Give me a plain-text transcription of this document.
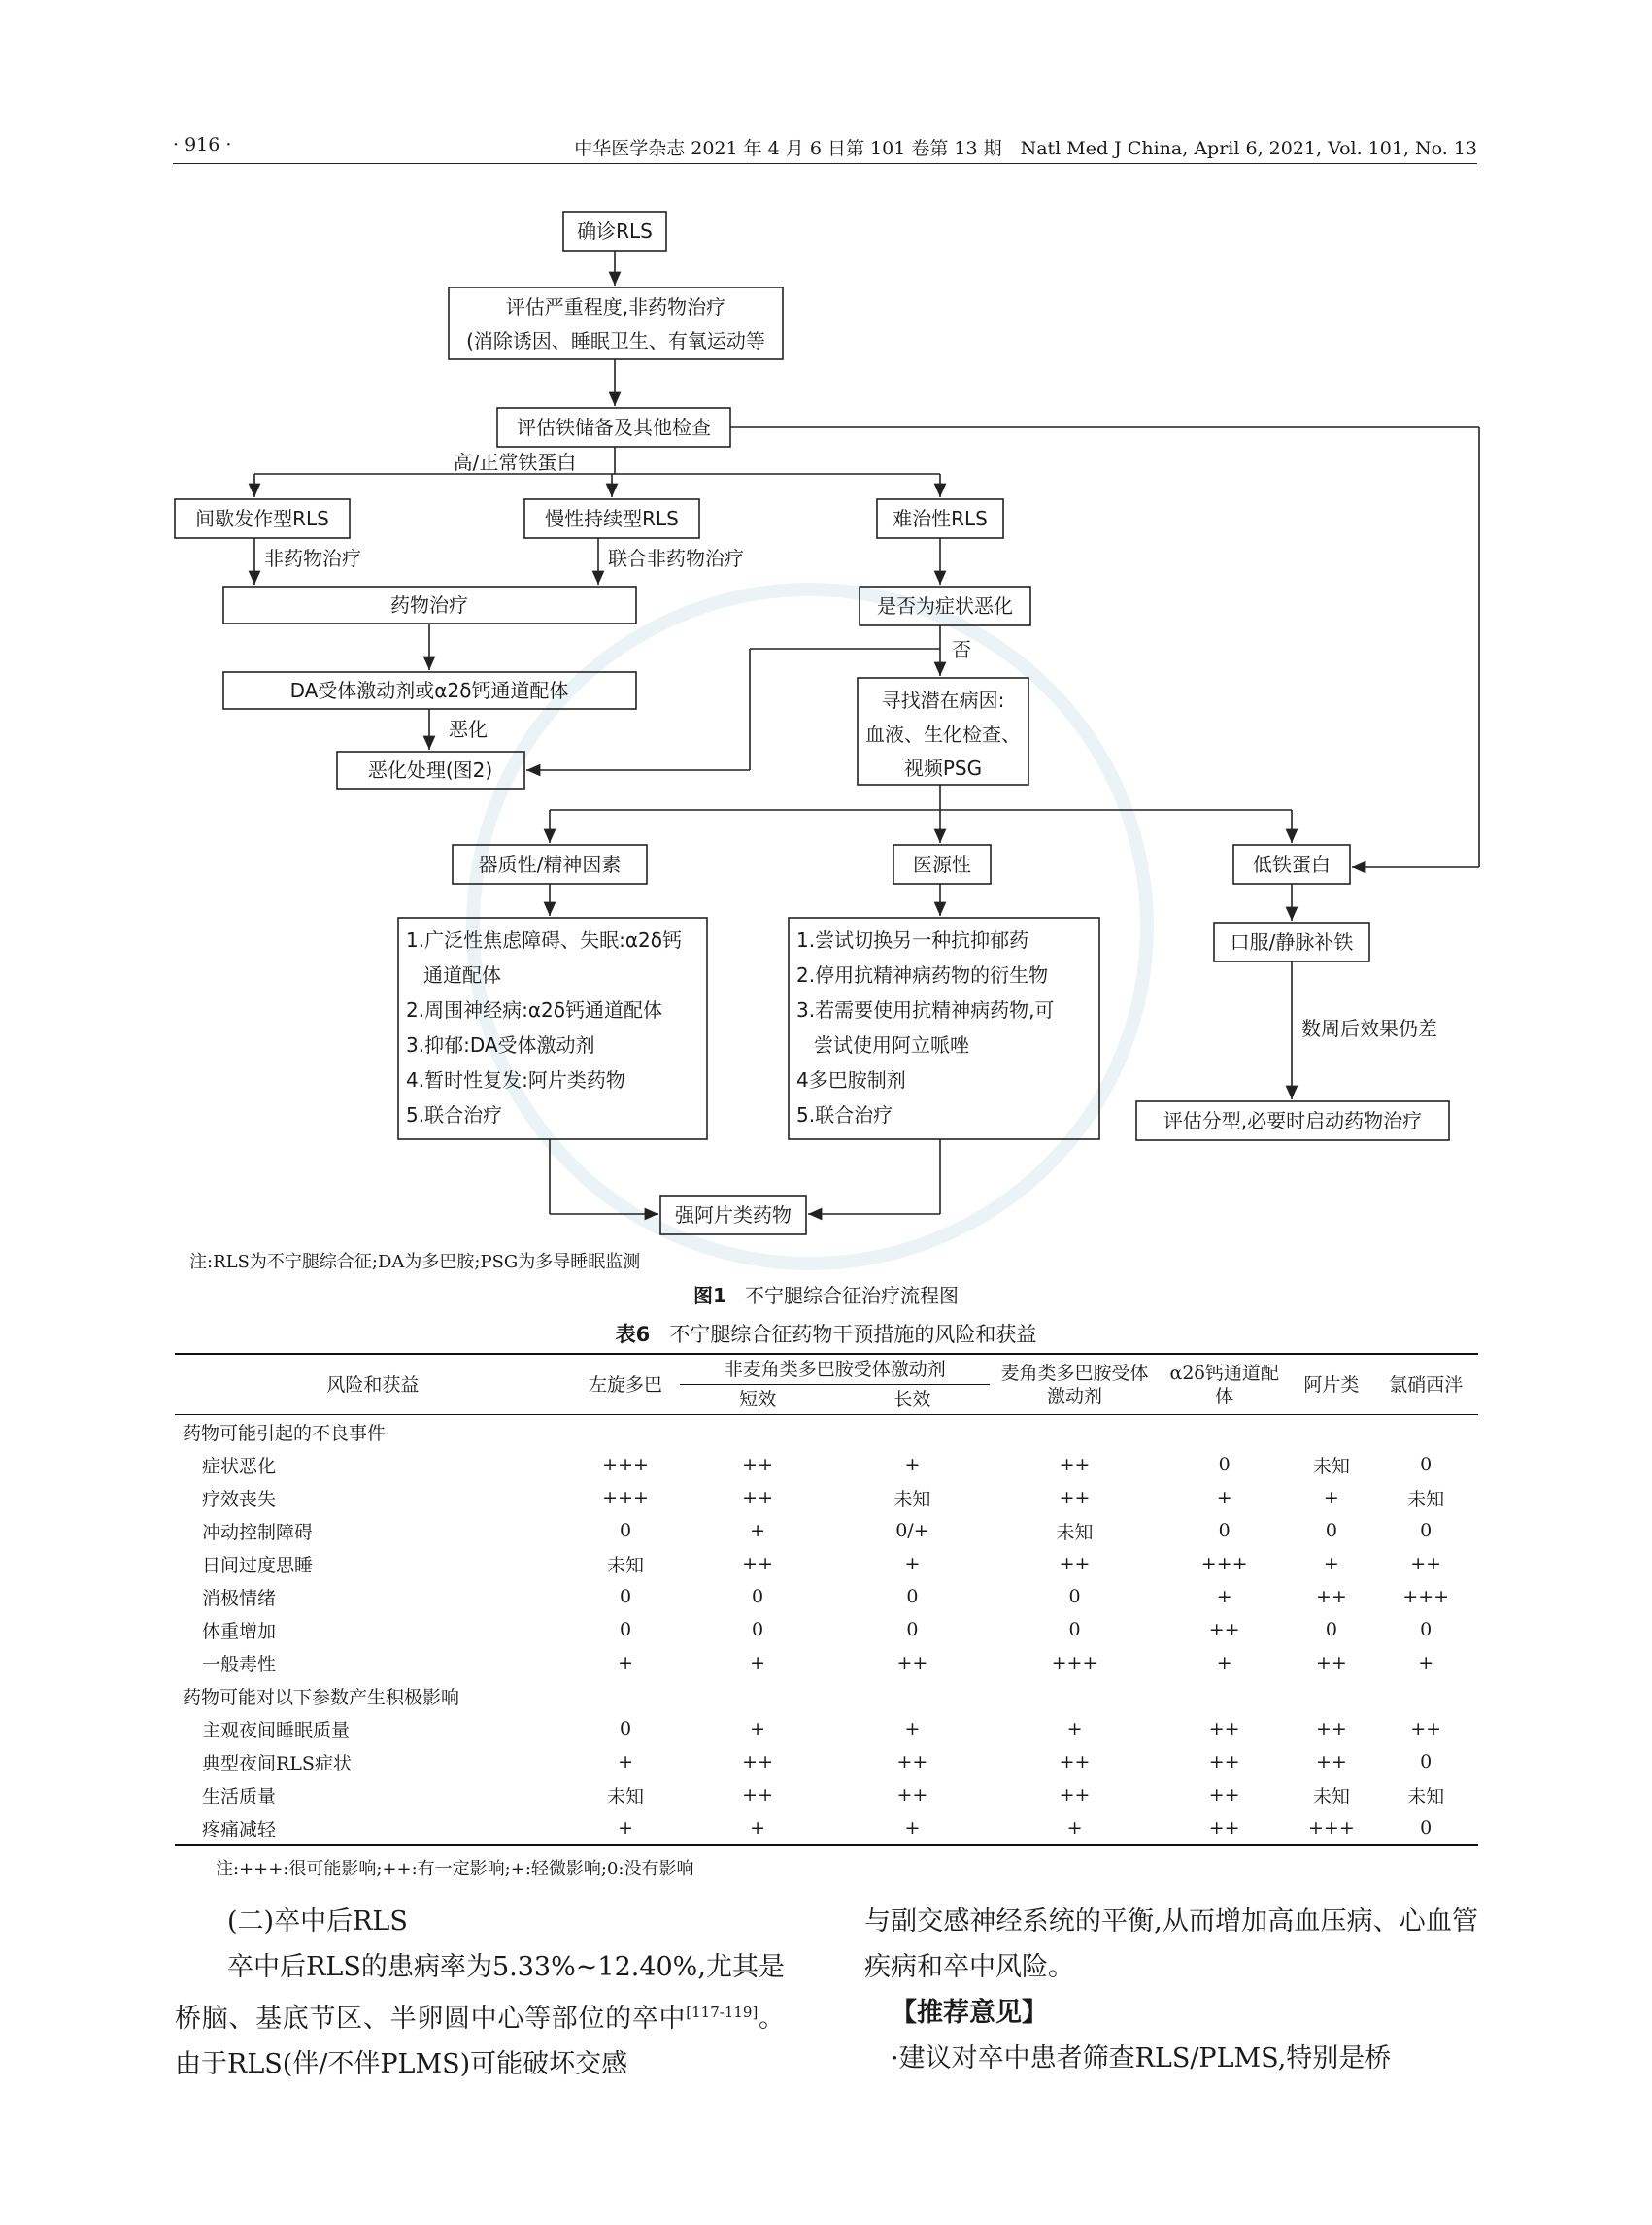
· 916 ·	中华医学杂志 2021 年 4 月 6 日第 101 卷第 13 期　Natl Med J China, April 6, 2021, Vol. 101, No. 13
确诊RLS
评估严重程度,非药物治疗
(消除诱因、睡眠卫生、有氧运动等
评估铁储备及其他检查
高/正常铁蛋白
间歇发作型RLS	慢性持续型RLS	难治性RLS
非药物治疗	联合非药物治疗
药物治疗	是否为症状恶化
否
DA受体激动剂或α2δ钙通道配体
恶化
恶化处理(图2)
寻找潜在病因:
血液、生化检查、
视频PSG
器质性/精神因素	医源性	低铁蛋白
1.广泛性焦虑障碍、失眠:α2δ钙
通道配体
2.周围神经病:α2δ钙通道配体
3.抑郁:DA受体激动剂
4.暂时性复发:阿片类药物
5.联合治疗
1.尝试切换另一种抗抑郁药
2.停用抗精神病药物的衍生物
3.若需要使用抗精神病药物,可
尝试使用阿立哌唑
4多巴胺制剂
5.联合治疗
口服/静脉补铁
数周后效果仍差
评估分型,必要时启动药物治疗
强阿片类药物
注:RLS为不宁腿综合征;DA为多巴胺;PSG为多导睡眠监测
图1 不宁腿综合征治疗流程图
表6 不宁腿综合征药物干预措施的风险和获益
风险和获益	左旋多巴	非麦角类多巴胺受体激动剂		麦角类多巴胺受体激动剂	α2δ钙通道配体	阿片类	氯硝西泮
		短效	长效				
药物可能引起的不良事件							
症状恶化	+++	++	+	++	0	未知	0
疗效丧失	+++	++	未知	++	+	+	未知
冲动控制障碍	0	+	0/+	未知	0	0	0
日间过度思睡	未知	++	+	++	+++	+	++
消极情绪	0	0	0	0	+	++	+++
体重增加	0	0	0	0	++	0	0
一般毒性	+	+	++	+++	+	++	+
药物可能对以下参数产生积极影响							
主观夜间睡眠质量	0	+	+	+	++	++	++
典型夜间RLS症状	+	++	++	++	++	++	0
生活质量	未知	++	++	++	++	未知	未知
疼痛减轻	+	+	+	+	++	+++	0
注:+++:很可能影响;++:有一定影响;+:轻微影响;0:没有影响

(二)卒中后RLS

卒中后RLS的患病率为5.33%~12.40%,尤其是桥脑、基底节区、半卵圆中心等部位的卒中[117-119]。由于RLS(伴/不伴PLMS)可能破坏交感

与副交感神经系统的平衡,从而增加高血压病、心血管疾病和卒中风险。

【推荐意见】

·建议对卒中患者筛查RLS/PLMS,特别是桥
